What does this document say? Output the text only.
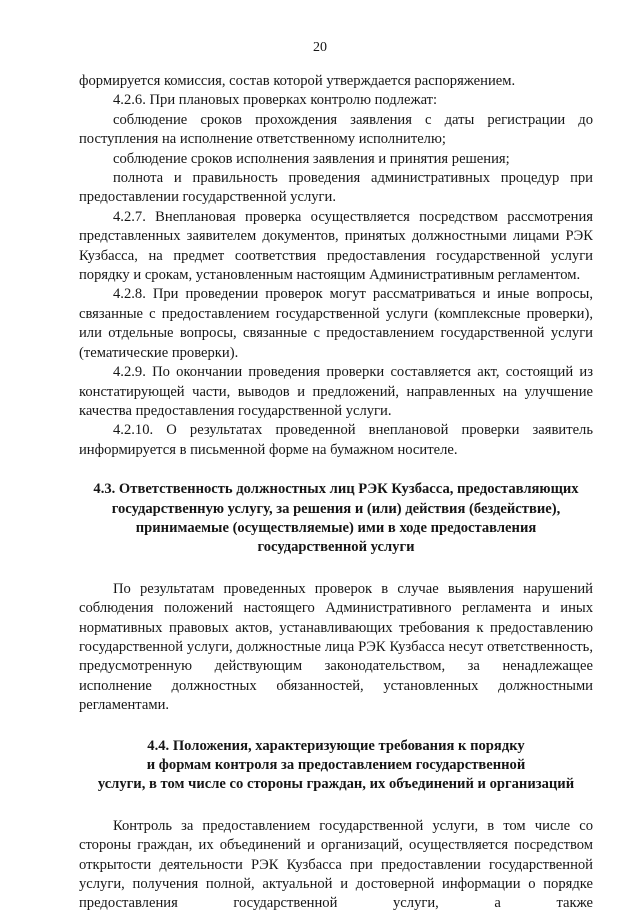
20

формируется комиссия, состав которой утверждается распоряжением.

4.2.6. При плановых проверках контролю подлежат:

соблюдение сроков прохождения заявления с даты регистрации до поступления на исполнение ответственному исполнителю;

соблюдение сроков исполнения заявления и принятия решения;

полнота и правильность проведения административных процедур при предоставлении государственной услуги.

4.2.7. Внеплановая проверка осуществляется посредством рассмотрения представленных заявителем документов, принятых должностными лицами РЭК Кузбасса, на предмет соответствия предоставления государственной услуги порядку и срокам, установленным настоящим Административным регламентом.

4.2.8. При проведении проверок могут рассматриваться и иные вопросы, связанные с предоставлением государственной услуги (комплексные проверки), или отдельные вопросы, связанные с предоставлением государственной услуги (тематические проверки).

4.2.9. По окончании проведения проверки составляется акт, состоящий из констатирующей части, выводов и предложений, направленных на улучшение качества предоставления государственной услуги.

4.2.10. О результатах проведенной внеплановой проверки заявитель информируется в письменной форме на бумажном носителе.

4.3. Ответственность должностных лиц РЭК Кузбасса, предоставляющих
государственную услугу, за решения и (или) действия (бездействие),
принимаемые (осуществляемые) ими в ходе предоставления
государственной услуги

По результатам проведенных проверок в случае выявления нарушений соблюдения положений настоящего Административного регламента и иных нормативных правовых актов, устанавливающих требования к предоставлению государственной услуги, должностные лица РЭК Кузбасса несут ответственность, предусмотренную действующим законодательством, за ненадлежащее исполнение должностных обязанностей, установленных должностными регламентами.

4.4. Положения, характеризующие требования к порядку
и формам контроля за предоставлением государственной
услуги, в том числе со стороны граждан, их объединений и организаций

Контроль за предоставлением государственной услуги, в том числе со стороны граждан, их объединений и организаций, осуществляется посредством открытости деятельности РЭК Кузбасса при предоставлении государственной услуги, получения полной, актуальной и достоверной информации о порядке предоставления государственной услуги, а также
